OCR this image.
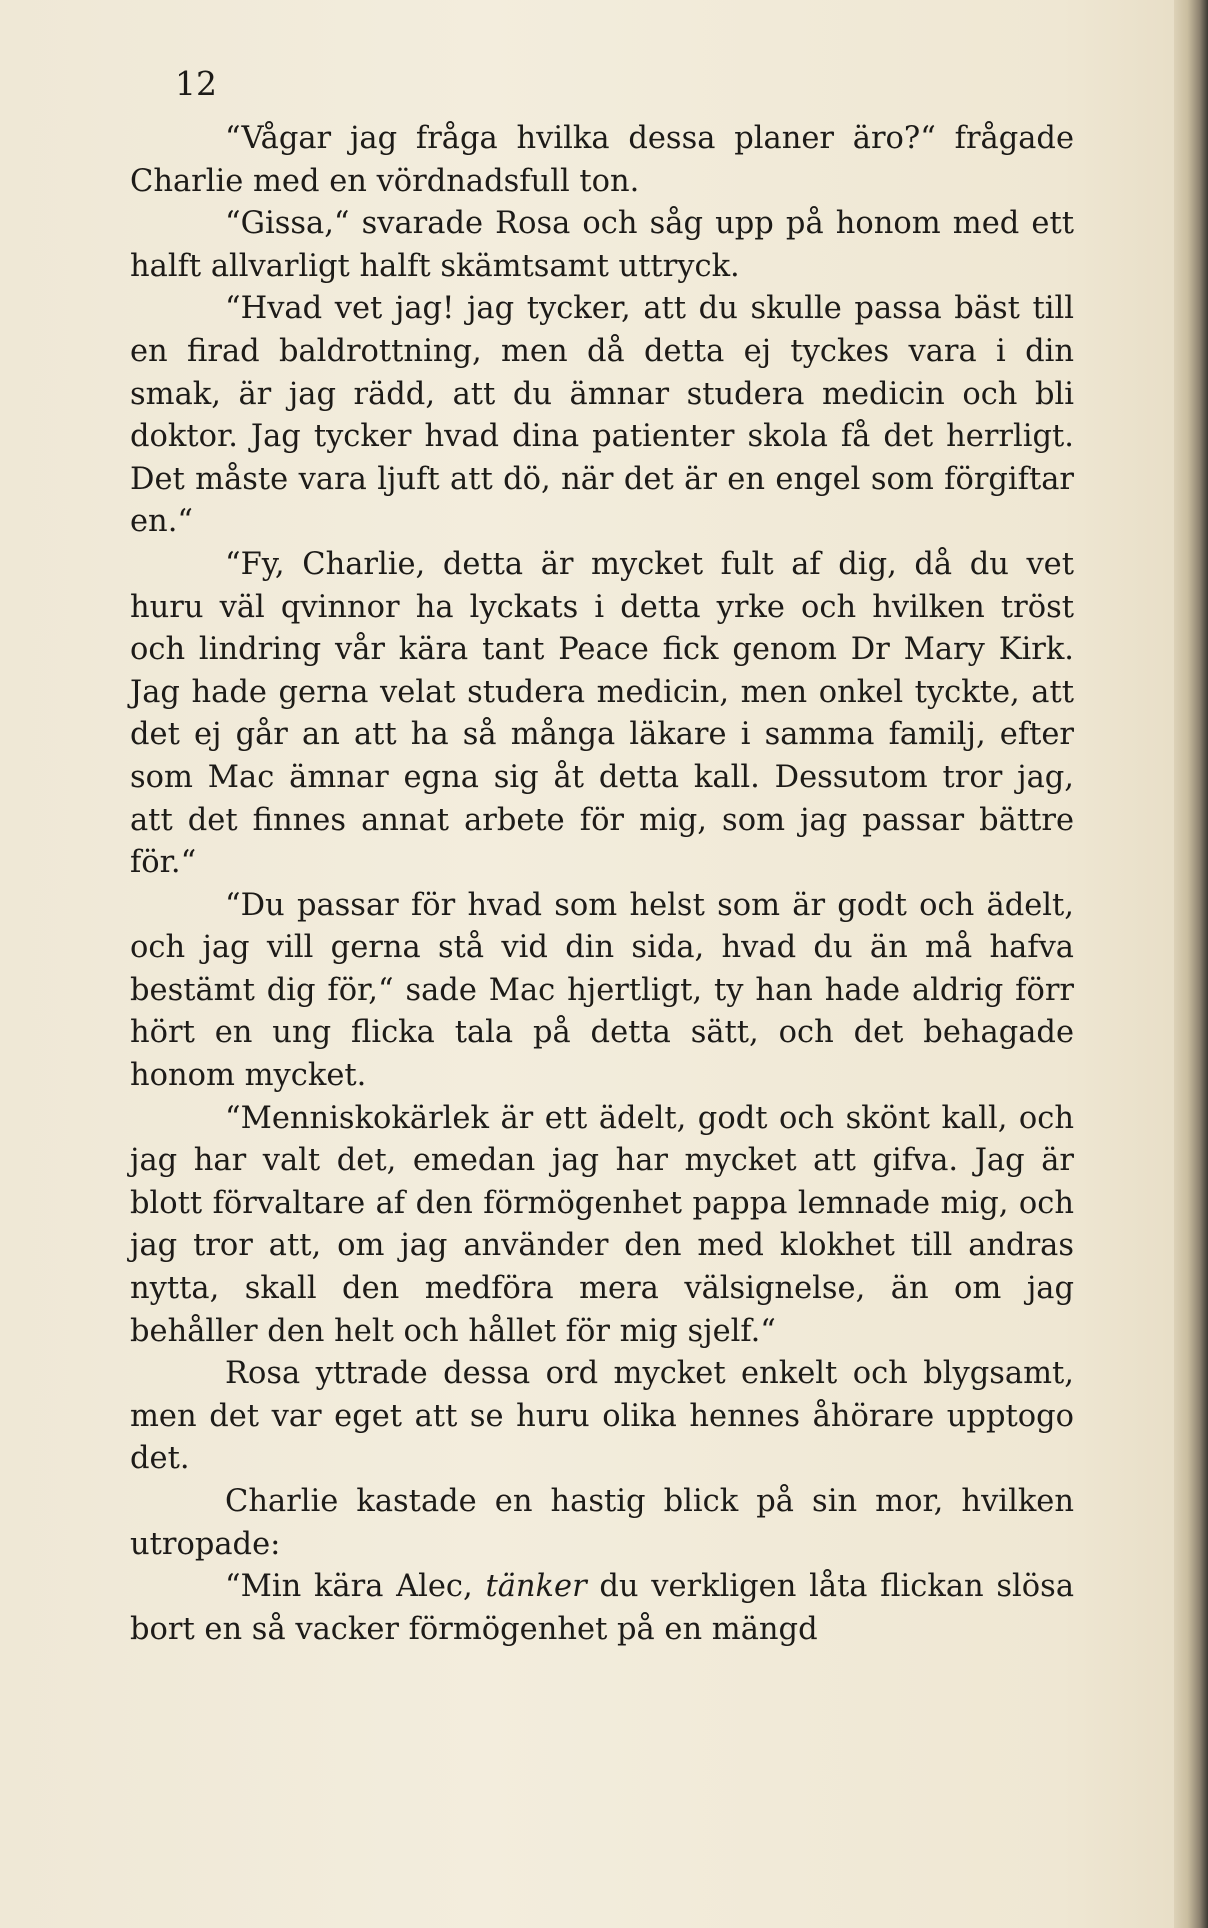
12

“Vågar jag fråga hvilka dessa planer äro?“ frågade Charlie med en vördnadsfull ton.

“Gissa,“ svarade Rosa och såg upp på honom med ett halft allvarligt halft skämtsamt uttryck.

“Hvad vet jag! jag tycker, att du skulle passa bäst till en firad baldrottning, men då detta ej tyckes vara i din smak, är jag rädd, att du ämnar studera medicin och bli doktor. Jag tycker hvad dina patienter skola få det herrligt. Det måste vara ljuft att dö, när det är en engel som förgiftar en.“

“Fy, Charlie, detta är mycket fult af dig, då du vet huru väl qvinnor ha lyckats i detta yrke och hvilken tröst och lindring vår kära tant Peace fick genom Dr Mary Kirk. Jag hade gerna velat studera medicin, men onkel tyckte, att det ej går an att ha så många läkare i samma familj, efter som Mac ämnar egna sig åt detta kall. Dessutom tror jag, att det finnes annat arbete för mig, som jag passar bättre för.“

“Du passar för hvad som helst som är godt och ädelt, och jag vill gerna stå vid din sida, hvad du än må hafva bestämt dig för,“ sade Mac hjertligt, ty han hade aldrig förr hört en ung flicka tala på detta sätt, och det behagade honom mycket.

“Menniskokärlek är ett ädelt, godt och skönt kall, och jag har valt det, emedan jag har mycket att gifva. Jag är blott förvaltare af den förmögenhet pappa lemnade mig, och jag tror att, om jag använder den med klokhet till andras nytta, skall den medföra mera välsignelse, än om jag behåller den helt och hållet för mig sjelf.“

Rosa yttrade dessa ord mycket enkelt och blygsamt, men det var eget att se huru olika hennes åhörare upptogo det.

Charlie kastade en hastig blick på sin mor, hvilken utropade:

“Min kära Alec, tänker du verkligen låta flickan slösa bort en så vacker förmögenhet på en mängd
